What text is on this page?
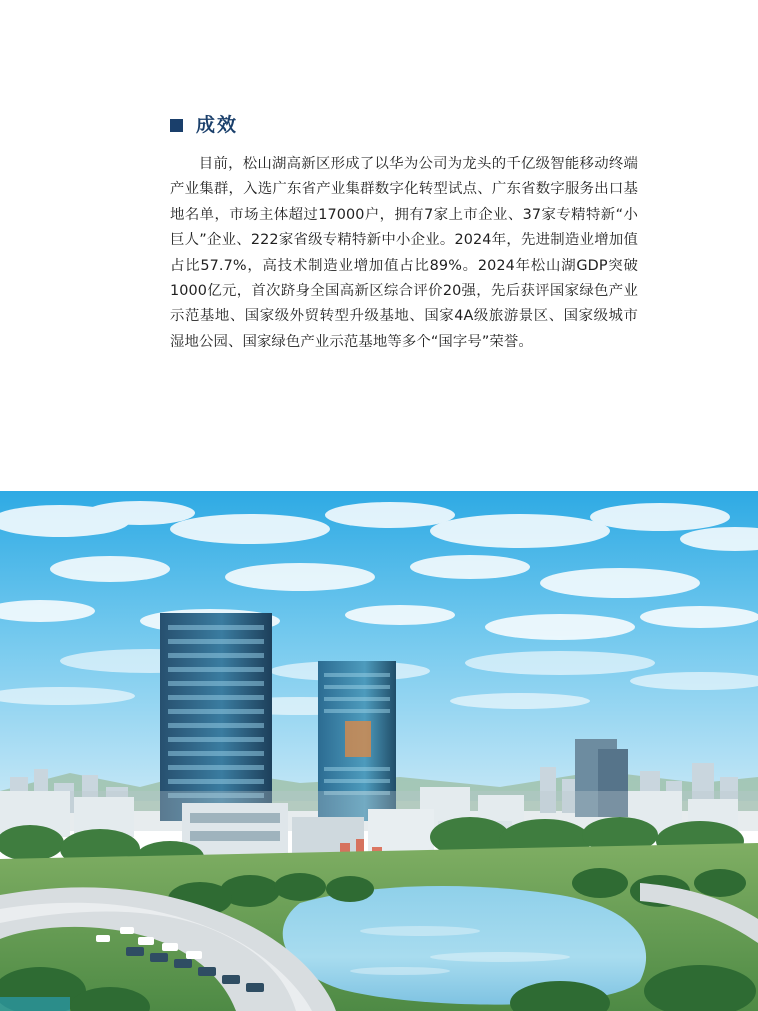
成效

目前，松山湖高新区形成了以华为公司为龙头的千亿级智能移动终端产业集群，入选广东省产业集群数字化转型试点、广东省数字服务出口基地名单，市场主体超过17000户，拥有7家上市企业、37家专精特新“小巨人”企业、222家省级专精特新中小企业。2024年，先进制造业增加值占比57.7%，高技术制造业增加值占比89%。2024年松山湖GDP突破1000亿元，首次跻身全国高新区综合评价20强，先后获评国家绿色产业示范基地、国家级外贸转型升级基地、国家4A级旅游景区、国家级城市湿地公园、国家绿色产业示范基地等多个“国字号”荣誉。
